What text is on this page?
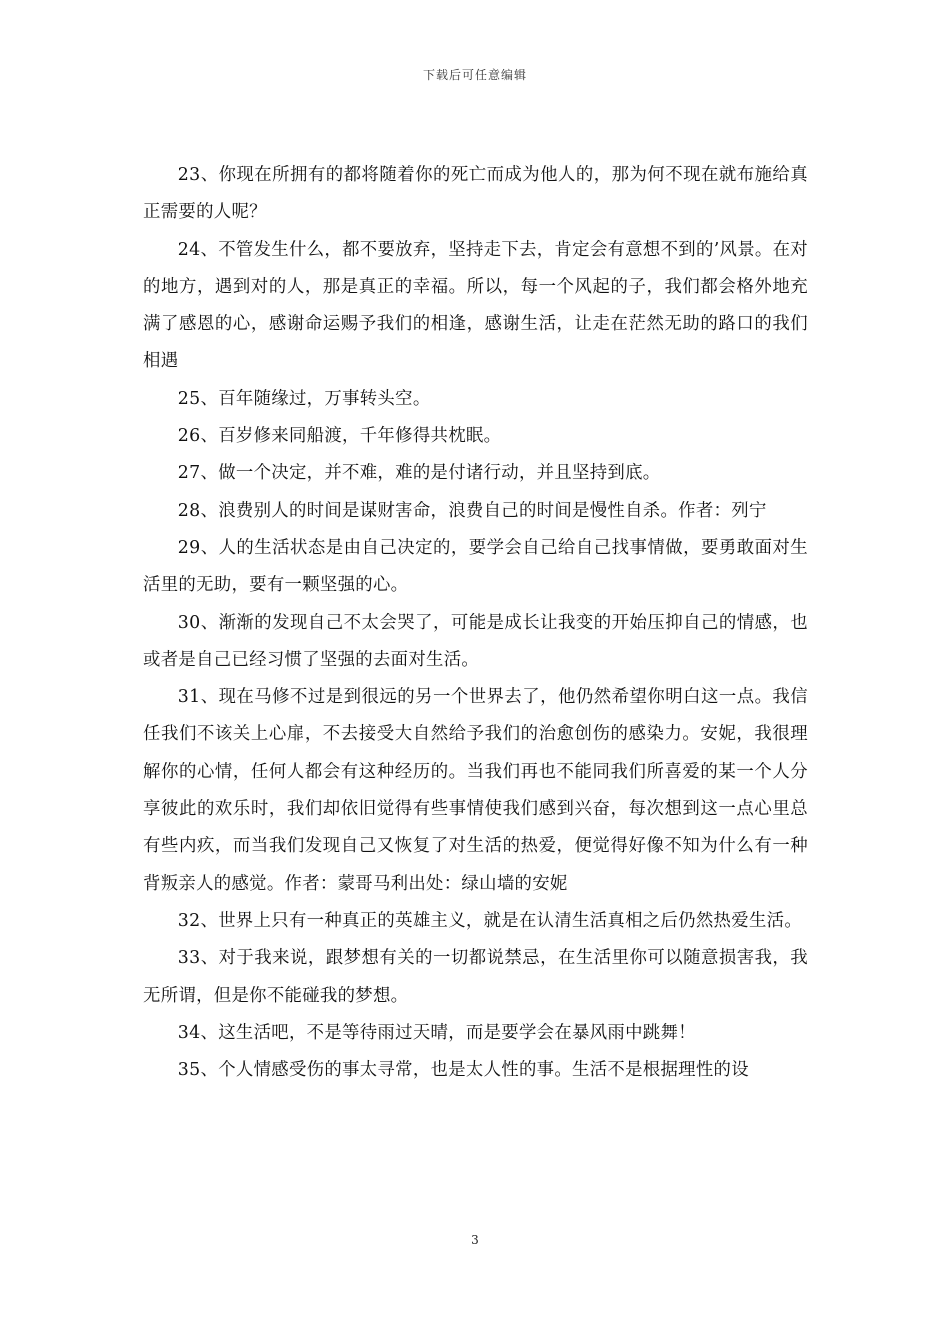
下载后可任意编辑

23、你现在所拥有的都将随着你的死亡而成为他人的，那为何不现在就布施给真正需要的人呢？

24、不管发生什么，都不要放弃，坚持走下去，肯定会有意想不到的’风景。在对的地方，遇到对的人，那是真正的幸福。所以，每一个风起的子，我们都会格外地充满了感恩的心，感谢命运赐予我们的相逢，感谢生活，让走在茫然无助的路口的我们相遇

25、百年随缘过，万事转头空。

26、百岁修来同船渡，千年修得共枕眠。

27、做一个决定，并不难，难的是付诸行动，并且坚持到底。

28、浪费别人的时间是谋财害命，浪费自己的时间是慢性自杀。作者：列宁

29、人的生活状态是由自己决定的，要学会自己给自己找事情做，要勇敢面对生活里的无助，要有一颗坚强的心。

30、渐渐的发现自己不太会哭了，可能是成长让我变的开始压抑自己的情感，也或者是自己已经习惯了坚强的去面对生活。

31、现在马修不过是到很远的另一个世界去了，他仍然希望你明白这一点。我信任我们不该关上心扉，不去接受大自然给予我们的治愈创伤的感染力。安妮，我很理解你的心情，任何人都会有这种经历的。当我们再也不能同我们所喜爱的某一个人分享彼此的欢乐时，我们却依旧觉得有些事情使我们感到兴奋，每次想到这一点心里总有些内疚，而当我们发现自己又恢复了对生活的热爱，便觉得好像不知为什么有一种背叛亲人的感觉。作者：蒙哥马利出处：绿山墙的安妮

32、世界上只有一种真正的英雄主义，就是在认清生活真相之后仍然热爱生活。

33、对于我来说，跟梦想有关的一切都说禁忌，在生活里你可以随意损害我，我无所谓，但是你不能碰我的梦想。

34、这生活吧，不是等待雨过天晴，而是要学会在暴风雨中跳舞！

35、个人情感受伤的事太寻常，也是太人性的事。生活不是根据理性的设

3
